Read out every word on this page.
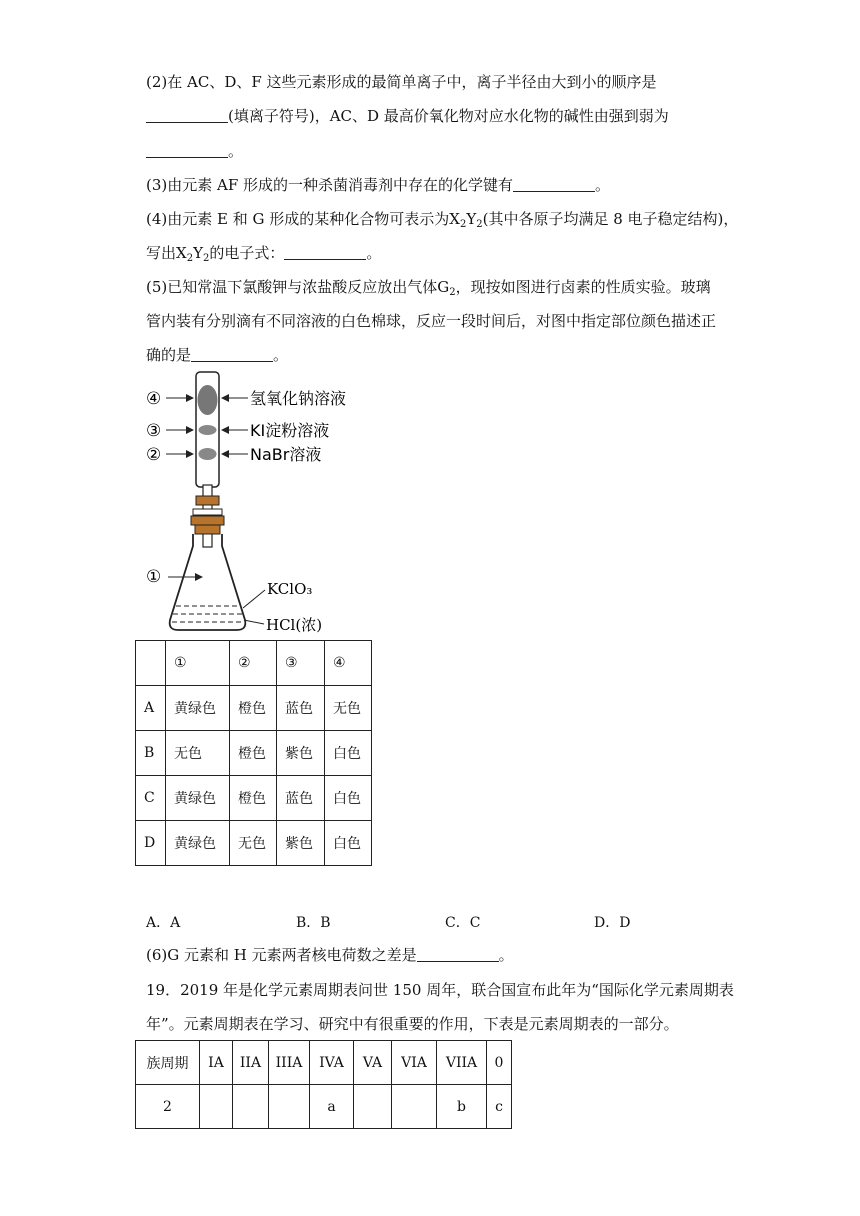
(2)在 AC、D、F 这些元素形成的最简单离子中，离子半径由大到小的顺序是
(填离子符号)，AC、D 最高价氧化物对应水化物的碱性由强到弱为
。
(3)由元素 AF 形成的一种杀菌消毒剂中存在的化学键有	。
(4)由元素 E 和 G 形成的某种化合物可表示为$X_2Y_2$(其中各原子均满足 8 电子稳定结构)，
写出$X_2Y_2$的电子式：	。
(5)已知常温下氯酸钾与浓盐酸反应放出气体$G_2$，现按如图进行卤素的性质实验。玻璃
管内装有分别滴有不同溶液的白色棉球，反应一段时间后，对图中指定部位颜色描述正
确的是	。
④
③
②
氢氧化钠溶液
KI淀粉溶液
NaBr溶液
①
KClO₃
HCl(浓)
	①	②	③	④
A	黄绿色	橙色	蓝色	无色
B	无色	橙色	紫色	白色
C	黄绿色	橙色	蓝色	白色
D	黄绿色	无色	紫色	白色
A．A	B．B	C．C	D．D
(6)G 元素和 H 元素两者核电荷数之差是	。
19．2019 年是化学元素周期表问世 150 周年，联合国宣布此年为“国际化学元素周期表
年”。元素周期表在学习、研究中有很重要的作用，下表是元素周期表的一部分。
族周期	IA	IIA	IIIA	IVA	VA	VIA	VIIA	0
2				a			b	c
